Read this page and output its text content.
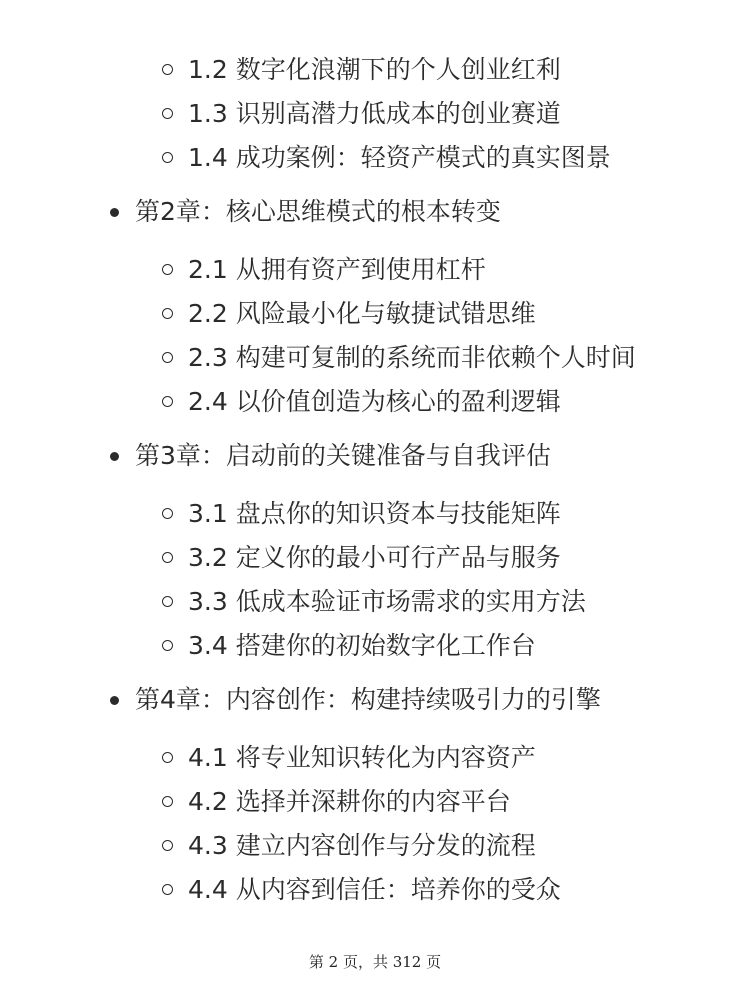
1.2 数字化浪潮下的个人创业红利
1.3 识别高潜力低成本的创业赛道
1.4 成功案例：轻资产模式的真实图景
第2章：核心思维模式的根本转变
2.1 从拥有资产到使用杠杆
2.2 风险最小化与敏捷试错思维
2.3 构建可复制的系统而非依赖个人时间
2.4 以价值创造为核心的盈利逻辑
第3章：启动前的关键准备与自我评估
3.1 盘点你的知识资本与技能矩阵
3.2 定义你的最小可行产品与服务
3.3 低成本验证市场需求的实用方法
3.4 搭建你的初始数字化工作台
第4章：内容创作：构建持续吸引力的引擎
4.1 将专业知识转化为内容资产
4.2 选择并深耕你的内容平台
4.3 建立内容创作与分发的流程
4.4 从内容到信任：培养你的受众
第 2 页，共 312 页
